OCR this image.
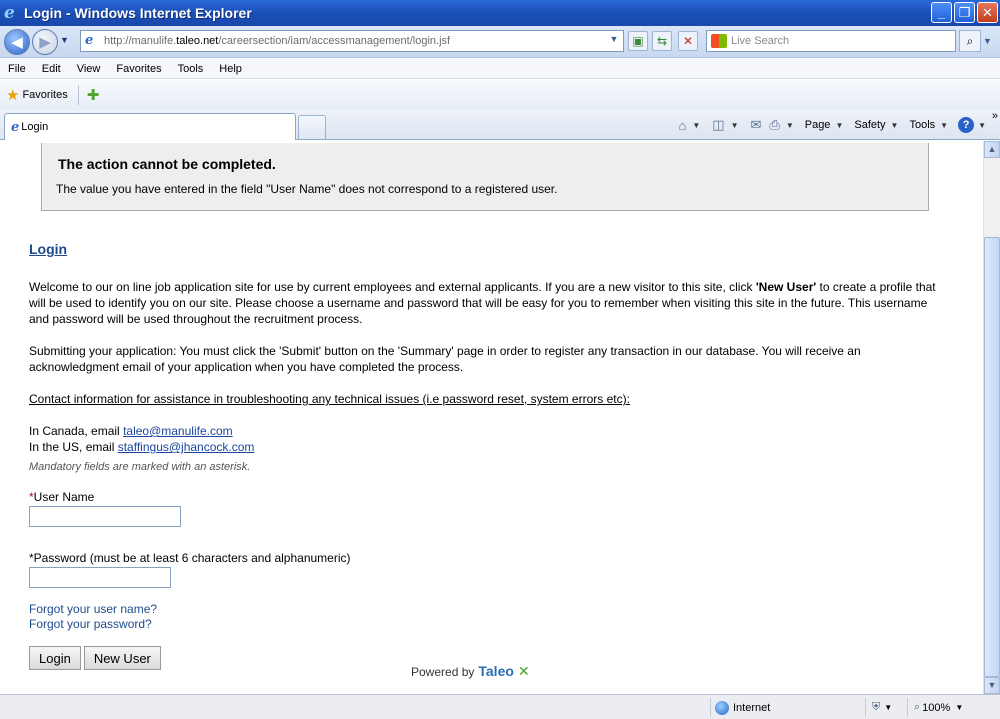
e Login - Windows Internet Explorer	_	❐ ✕
◀ ▶ ▼ e http://manulife. taleo.net /careersection/iam/accessmanagement/login.jsf	▼ ▣ ⇆ ✕	Live Search	⌕	▼
File	Edit	View	Favorites	Tools	Help
★ Favorites ✚
e Login	⌂ ▼ ◫ ▼ ✉ ⎙ ▼ Page ▼ Safety ▼ Tools ▼	?	▼
»
The action cannot be completed.
The value you have entered in the field "User Name" does not correspond to a registered user.
Login
Welcome to our on line job application site for use by current employees and external applicants. If you are a new visitor to this site, click 'New User' to create a profile that will be used to identify you on our site. Please choose a username and password that will be easy for you to remember when visiting this site in the future. This username and password will be used throughout the recruitment process.
Submitting your application: You must click the 'Submit' button on the 'Summary' page in order to register any transaction in our database. You will receive an acknowledgment email of your application when you have completed the process.
Contact information for assistance in troubleshooting any technical issues (i.e password reset, system errors etc):
In Canada, email taleo@manulife.com
In the US, email staffingus@jhancock.com
Mandatory fields are marked with an asterisk.
*User Name
*Password (must be at least 6 characters and alphanumeric)
Forgot your user name?
Forgot your password?
Login	New User
Powered by Taleo ✕
▲
▼
Internet	⛨ ▼ ⌕ 100% ▼
